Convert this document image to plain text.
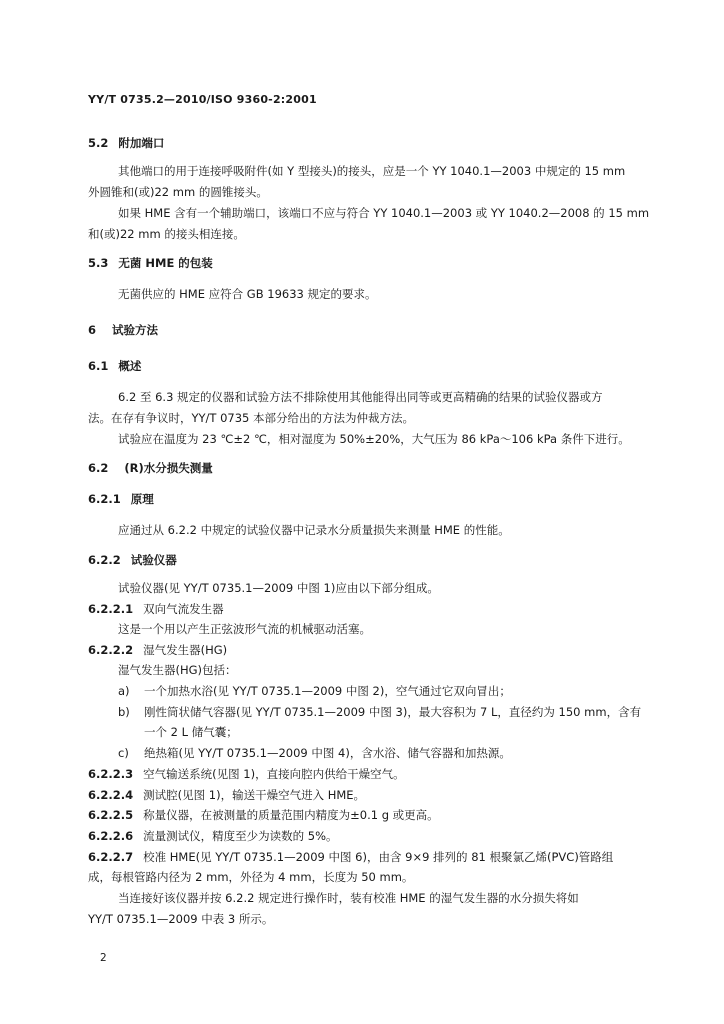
YY/T 0735.2—2010/ISO 9360-2:2001
5.2 附加端口
其他端口的用于连接呼吸附件(如 Y 型接头)的接头，应是一个 YY 1040.1—2003 中规定的 15 mm
外圆锥和(或)22 mm 的圆锥接头。
如果 HME 含有一个辅助端口，该端口不应与符合 YY 1040.1—2003 或 YY 1040.2—2008 的 15 mm
和(或)22 mm 的接头相连接。
5.3 无菌 HME 的包装
无菌供应的 HME 应符合 GB 19633 规定的要求。
6 试验方法
6.1 概述
6.2 至 6.3 规定的仪器和试验方法不排除使用其他能得出同等或更高精确的结果的试验仪器或方
法。在存有争议时，YY/T 0735 本部分给出的方法为仲裁方法。
试验应在温度为 23 ℃±2 ℃，相对湿度为 50%±20%，大气压为 86 kPa～106 kPa 条件下进行。
6.2 (R)水分损失测量
6.2.1 原理
应通过从 6.2.2 中规定的试验仪器中记录水分质量损失来测量 HME 的性能。
6.2.2 试验仪器
试验仪器(见 YY/T 0735.1—2009 中图 1)应由以下部分组成。
6.2.2.1 双向气流发生器
这是一个用以产生正弦波形气流的机械驱动活塞。
6.2.2.2 湿气发生器(HG)
湿气发生器(HG)包括：
a) 一个加热水浴(见 YY/T 0735.1—2009 中图 2)，空气通过它双向冒出；
b) 刚性筒状储气容器(见 YY/T 0735.1—2009 中图 3)，最大容积为 7 L，直径约为 150 mm，含有
一个 2 L 储气囊；
c) 绝热箱(见 YY/T 0735.1—2009 中图 4)，含水浴、储气容器和加热源。
6.2.2.3 空气输送系统(见图 1)，直接向腔内供给干燥空气。
6.2.2.4 测试腔(见图 1)，输送干燥空气进入 HME。
6.2.2.5 称量仪器，在被测量的质量范围内精度为±0.1 g 或更高。
6.2.2.6 流量测试仪，精度至少为读数的 5%。
6.2.2.7 校准 HME(见 YY/T 0735.1—2009 中图 6)，由含 9×9 排列的 81 根聚氯乙烯(PVC)管路组
成，每根管路内径为 2 mm，外径为 4 mm，长度为 50 mm。
当连接好该仪器并按 6.2.2 规定进行操作时，装有校准 HME 的湿气发生器的水分损失将如
YY/T 0735.1—2009 中表 3 所示。
2
